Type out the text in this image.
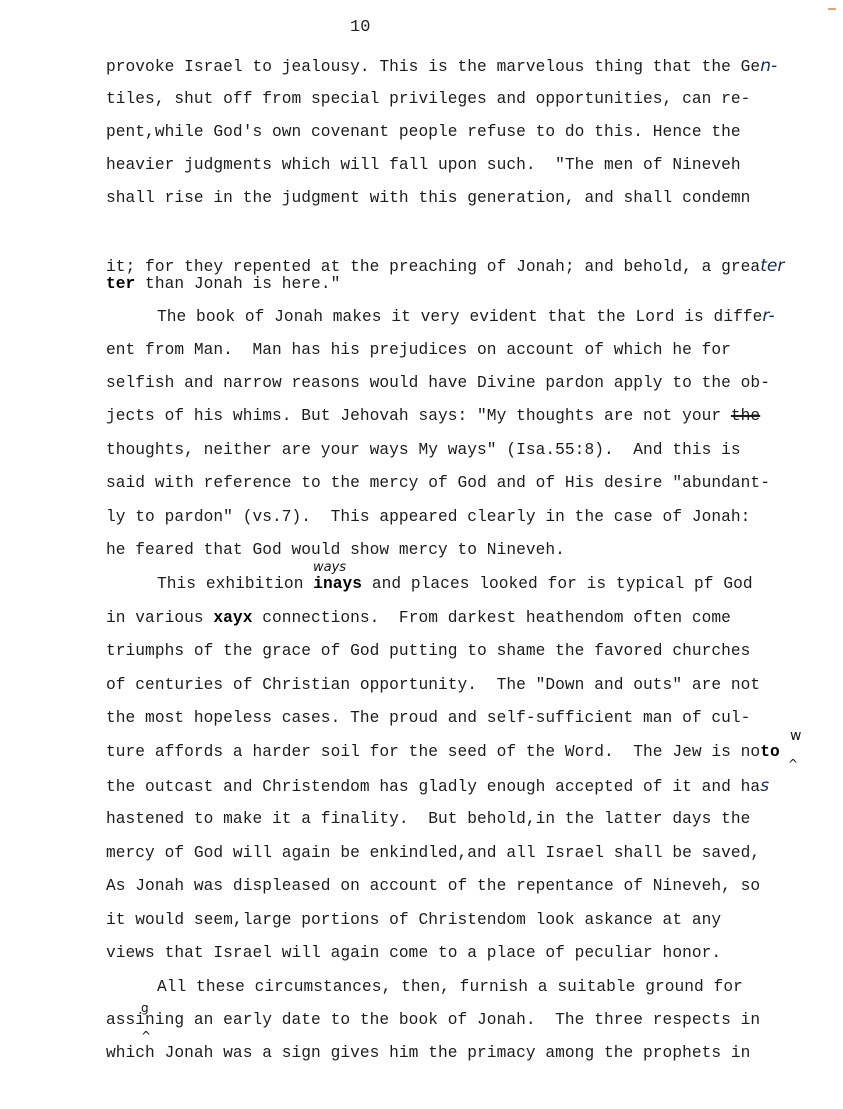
10
provoke Israel to jealousy. This is the marvelous thing that the Gen-
tiles, shut off from special privileges and opportunities, can re-
pent,while God's own covenant people refuse to do this. Hence the
heavier judgments which will fall upon such.  "The men of Nineveh
shall rise in the judgment with this generation, and shall condemn
it; for they repented at the preaching of Jonah; and behold, a greater
ter than Jonah is here."
The book of Jonah makes it very evident that the Lord is differ-
ent from Man.  Man has his prejudices on account of which he for
selfish and narrow reasons would have Divine pardon apply to the ob-
jects of his whims. But Jehovah says: "My thoughts are not your the
thoughts, neither are your ways My ways" (Isa.55:8).  And this is
said with reference to the mercy of God and of His desire "abundant-
ly to pardon" (vs.7).  This appeared clearly in the case of Jonah:
he feared that God would show mercy to Nineveh.
This exhibition inays and places looked for is typical pf God
in various xayx connections.  From darkest heathendom often come
triumphs of the grace of God putting to shame the favored churches
of centuries of Christian opportunity.  The "Down and outs" are not
the most hopeless cases. The proud and self-sufficient man of cul-
ture affords a harder soil for the seed of the Word.  The Jew is noto
the outcast and Christendom has gladly enough accepted of it and has
hastened to make it a finality.  But behold,in the latter days the
mercy of God will again be enkindled,and all Israel shall be saved,
As Jonah was displeased on account of the repentance of Nineveh, so
it would seem,large portions of Christendom look askance at any
views that Israel will again come to a place of peculiar honor.
All these circumstances, then, furnish a suitable ground for
assining an early date to the book of Jonah.  The three respects in
which Jonah was a sign gives him the primacy among the prophets in
ways
w
^
g
^
